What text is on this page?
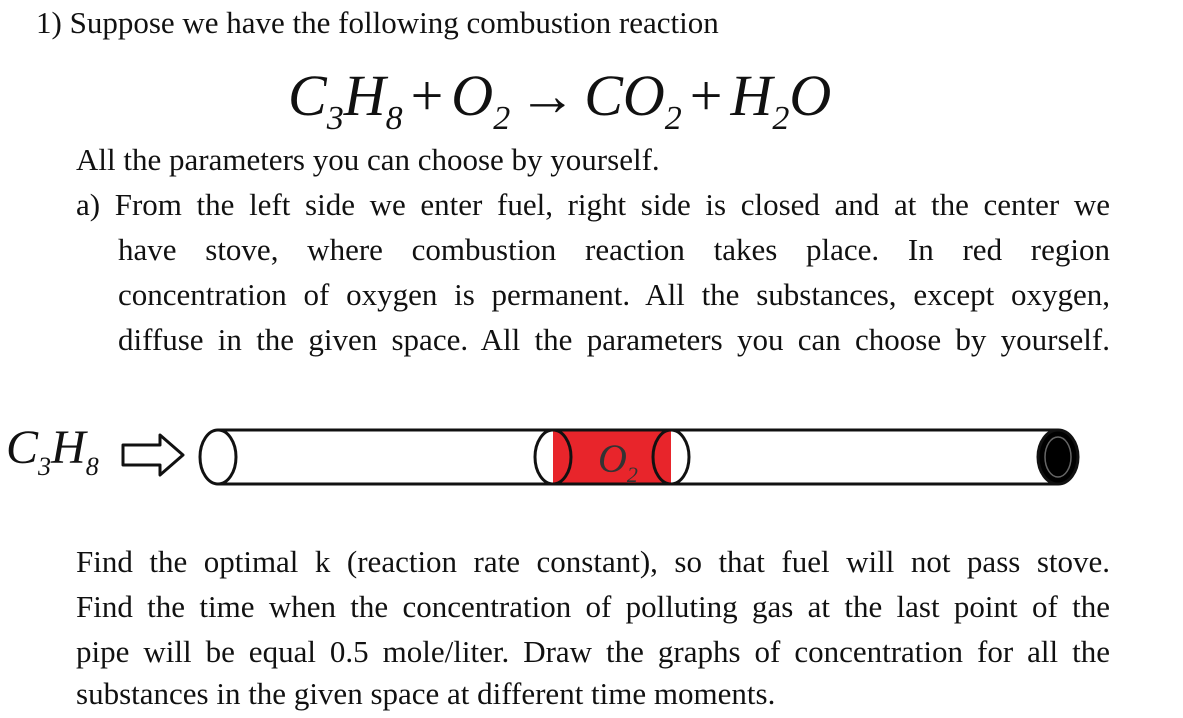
1) Suppose we have the following combustion reaction
$C_3H_8 + O_2 \to CO_2 + H_2O$
All the parameters you can choose by yourself.
a) From the left side we enter fuel, right side is closed and at the center we
have stove, where combustion reaction takes place. In red region
concentration of oxygen is permanent. All the substances, except oxygen,
diffuse in the given space. All the parameters you can choose by yourself.
$C_3H_8$	$O_2$
Find the optimal k (reaction rate constant), so that fuel will not pass stove.
Find the time when the concentration of polluting gas at the last point of the
pipe will be equal 0.5 mole/liter. Draw the graphs of concentration for all the
substances in the given space at different time moments.
